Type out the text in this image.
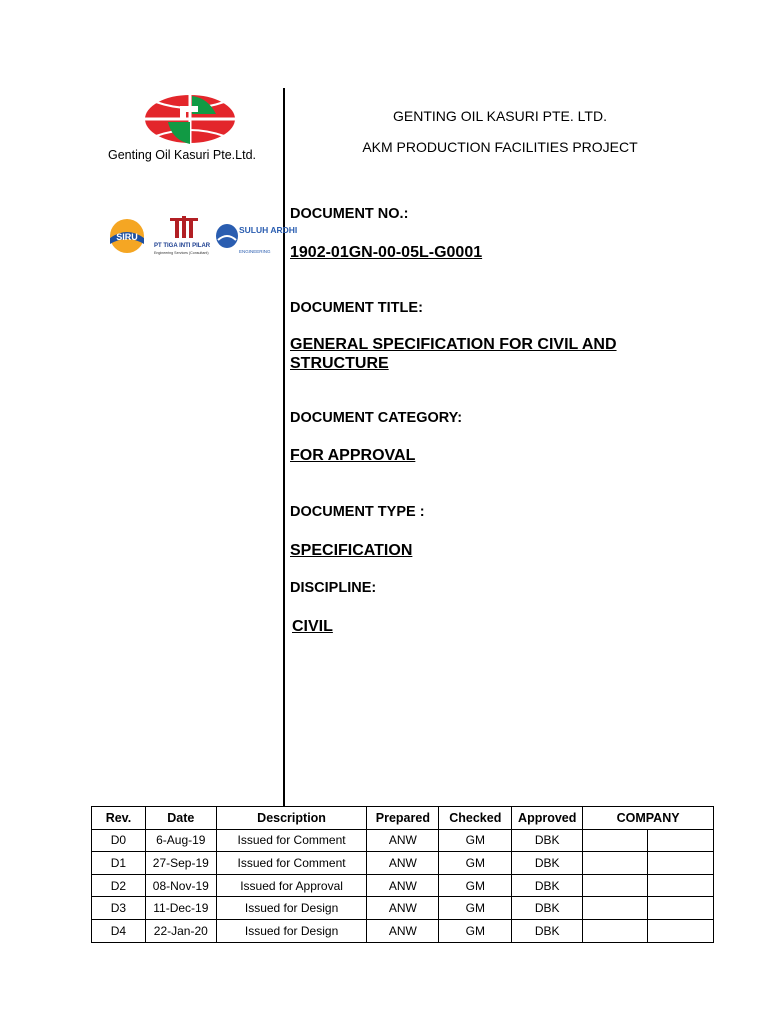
Genting Oil Kasuri Pte.Ltd.
SIRU
PT TIGA INTI PILAR
Engineering Services (Consultant)
SULUH ARDHI
ENGINEERING
GENTING OIL KASURI PTE. LTD.
AKM PRODUCTION FACILITIES PROJECT
DOCUMENT NO.:
1902-01GN-00-05L-G0001
DOCUMENT TITLE:
GENERAL SPECIFICATION FOR CIVIL AND
STRUCTURE
DOCUMENT CATEGORY:
FOR APPROVAL
DOCUMENT TYPE :
SPECIFICATION
DISCIPLINE:
CIVIL
Rev.	Date	Description	Prepared	Checked	Approved	COMPANY	
D0	6-Aug-19	Issued for Comment	ANW	GM	DBK		
D1	27-Sep-19	Issued for Comment	ANW	GM	DBK		
D2	08-Nov-19	Issued for Approval	ANW	GM	DBK		
D3	11-Dec-19	Issued for Design	ANW	GM	DBK		
D4	22-Jan-20	Issued for Design	ANW	GM	DBK		
